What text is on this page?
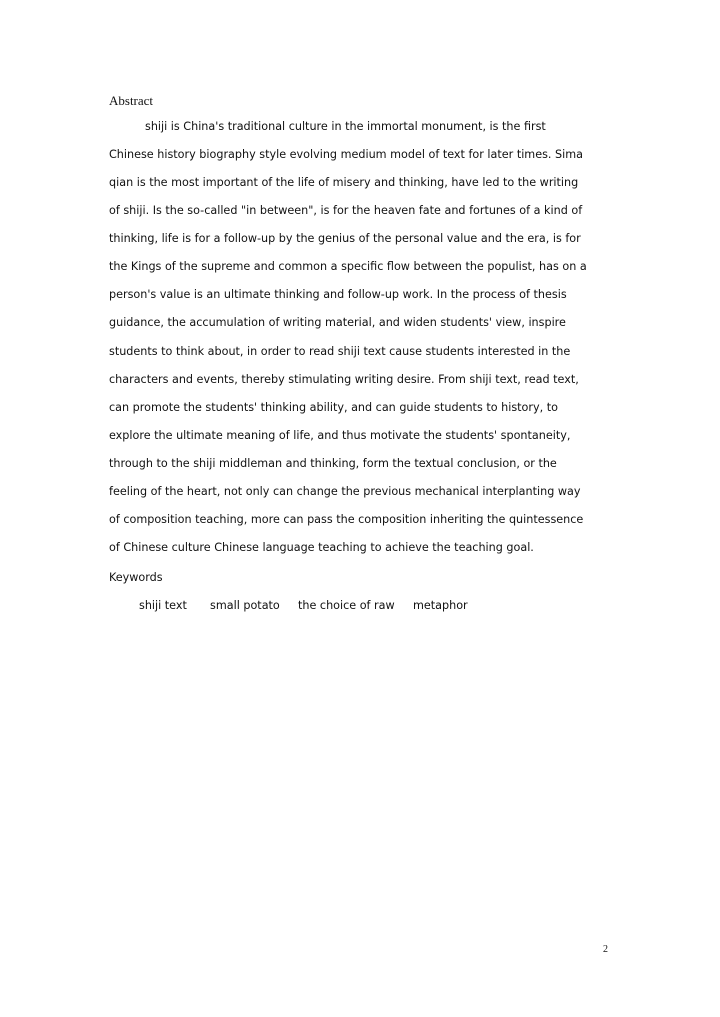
Abstract
shiji is China's traditional culture in the immortal monument, is the first
Chinese history biography style evolving medium model of text for later times. Sima
qian is the most important of the life of misery and thinking, have led to the writing
of shiji. Is the so-called "in between", is for the heaven fate and fortunes of a kind of
thinking, life is for a follow-up by the genius of the personal value and the era, is for
the Kings of the supreme and common a specific flow between the populist, has on a
person's value is an ultimate thinking and follow-up work. In the process of thesis
guidance, the accumulation of writing material, and widen students' view, inspire
students to think about, in order to read shiji text cause students interested in the
characters and events, thereby stimulating writing desire. From shiji text, read text,
can promote the students' thinking ability, and can guide students to history, to
explore the ultimate meaning of life, and thus motivate the students' spontaneity,
through to the shiji middleman and thinking, form the textual conclusion, or the
feeling of the heart, not only can change the previous mechanical interplanting way
of composition teaching, more can pass the composition inheriting the quintessence
of Chinese culture Chinese language teaching to achieve the teaching goal.
Keywords
shiji text small potato the choice of raw metaphor
2
